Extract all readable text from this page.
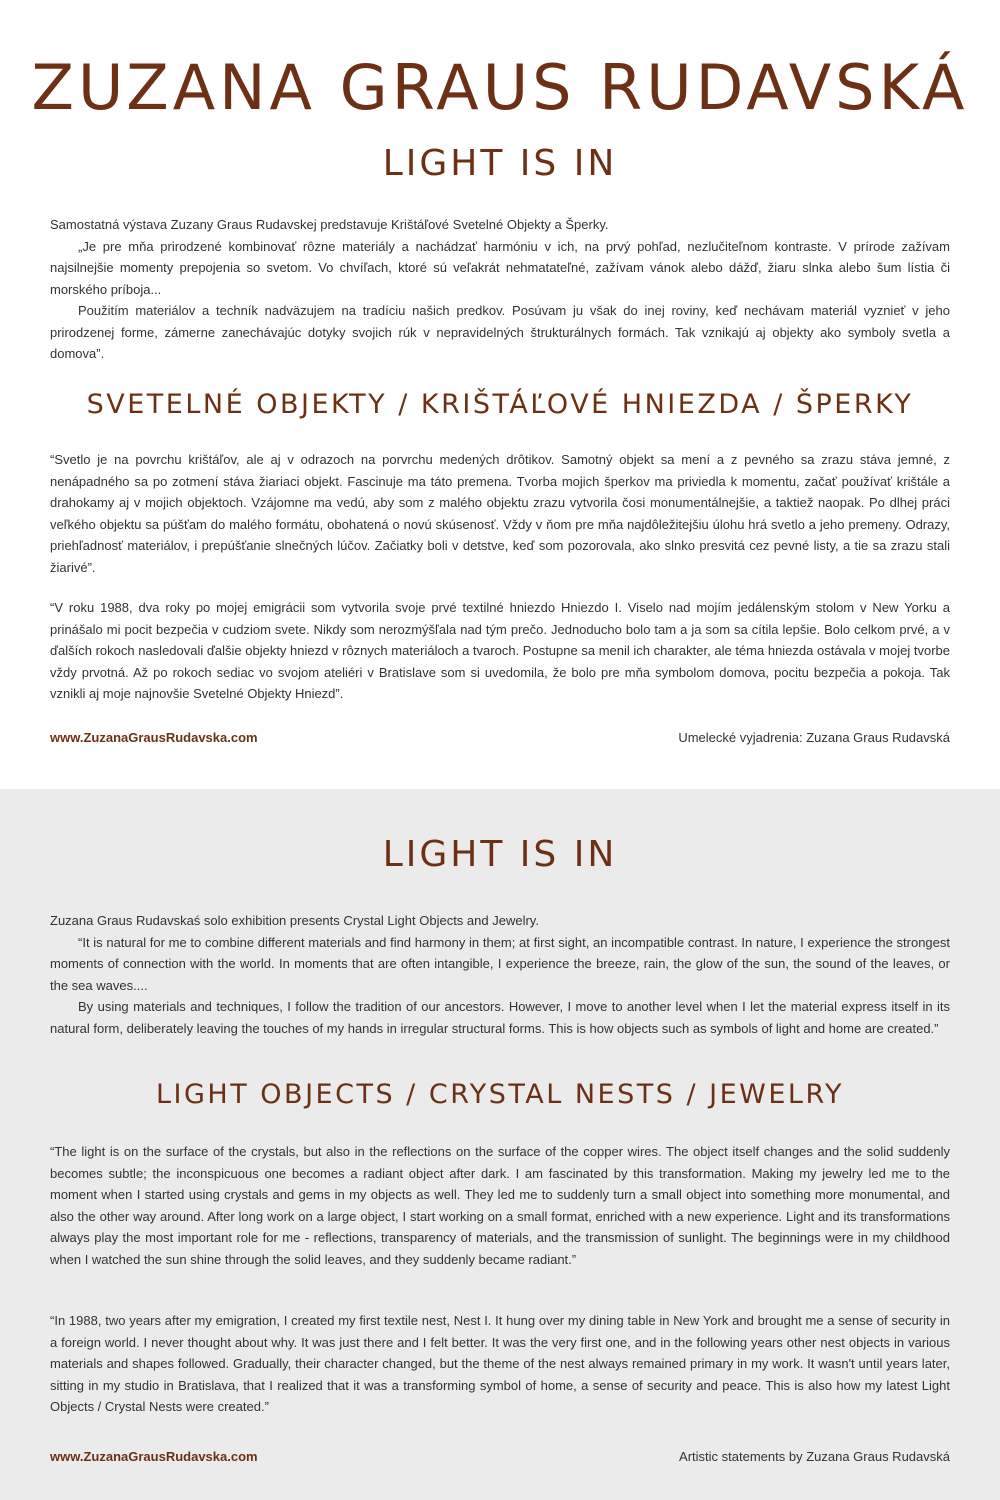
ZUZANA GRAUS RUDAVSKÁ
LIGHT IS IN

Samostatná výstava Zuzany Graus Rudavskej predstavuje Krištáľové Svetelné Objekty a Šperky.

„Je pre mňa prirodzené kombinovať rôzne materiály a nachádzať harmóniu v ich, na prvý pohľad, nezlučiteľnom kontraste. V prírode zažívam najsilnejšie momenty prepojenia so svetom. Vo chvíľach, ktoré sú veľakrát nehmatateľné, zažívam vánok alebo dážď, žiaru slnka alebo šum lístia či morského príboja...

Použitím materiálov a techník nadväzujem na tradíciu našich predkov. Posúvam ju však do inej roviny, keď nechávam materiál vyznieť v jeho prirodzenej forme, zámerne zanechávajúc dotyky svojich rúk v nepravidelných štrukturálnych formách. Tak vznikajú aj objekty ako symboly svetla a domova”.

SVETELNÉ OBJEKTY / KRIŠTÁĽOVÉ HNIEZDA / ŠPERKY

“Svetlo je na povrchu krištáľov, ale aj v odrazoch na porvrchu medených drôtikov. Samotný objekt sa mení a z pevného sa zrazu stáva jemné, z nenápadného sa po zotmení stáva žiariaci objekt. Fascinuje ma táto premena. Tvorba mojich šperkov ma priviedla k momentu, začať používať krištále a drahokamy aj v mojich objektoch. Vzájomne ma vedú, aby som z malého objektu zrazu vytvorila čosi monumentálnejšie, a taktiež naopak. Po dlhej práci veľkého objektu sa púšťam do malého formátu, obohatená o novú skúsenosť. Vždy v ňom pre mňa najdôležitejšiu úlohu hrá svetlo a jeho premeny. Odrazy, priehľadnosť materiálov, i prepúšťanie slnečných lúčov. Začiatky boli v detstve, keď som pozorovala, ako slnko presvitá cez pevné listy, a tie sa zrazu stali žiarivé”.

“V roku 1988, dva roky po mojej emigrácii som vytvorila svoje prvé textilné hniezdo Hniezdo I. Viselo nad mojím jedálenským stolom v New Yorku a prinášalo mi pocit bezpečia v cudziom svete. Nikdy som nerozmýšľala nad tým prečo. Jednoducho bolo tam a ja som sa cítila lepšie. Bolo celkom prvé, a v ďalších rokoch nasledovali ďalšie objekty hniezd v rôznych materiáloch a tvaroch. Postupne sa menil ich charakter, ale téma hniezda ostávala v mojej tvorbe vždy prvotná. Až po rokoch sediac vo svojom ateliéri v Bratislave som si uvedomila, že bolo pre mňa symbolom domova, pocitu bezpečia a pokoja. Tak vznikli aj moje najnovšie Svetelné Objekty Hniezd”.

www.ZuzanaGrausRudavska.com	Umelecké vyjadrenia: Zuzana Graus Rudavská
LIGHT IS IN

Zuzana Graus Rudavskaś solo exhibition presents Crystal Light Objects and Jewelry.

“It is natural for me to combine different materials and find harmony in them; at first sight, an incompatible contrast. In nature, I experience the strongest moments of connection with the world. In moments that are often intangible, I experience the breeze, rain, the glow of the sun, the sound of the leaves, or the sea waves....

By using materials and techniques, I follow the tradition of our ancestors. However, I move to another level when I let the material express itself in its natural form, deliberately leaving the touches of my hands in irregular structural forms. This is how objects such as symbols of light and home are created.”

LIGHT OBJECTS / CRYSTAL NESTS / JEWELRY

“The light is on the surface of the crystals, but also in the reflections on the surface of the copper wires. The object itself changes and the solid suddenly becomes subtle; the inconspicuous one becomes a radiant object after dark. I am fascinated by this transformation. Making my jewelry led me to the moment when I started using crystals and gems in my objects as well. They led me to suddenly turn a small object into something more monumental, and also the other way around. After long work on a large object, I start working on a small format, enriched with a new experience. Light and its transformations always play the most important role for me - reflections, transparency of materials, and the transmission of sunlight. The beginnings were in my childhood when I watched the sun shine through the solid leaves, and they suddenly became radiant.”

“In 1988, two years after my emigration, I created my first textile nest, Nest I. It hung over my dining table in New York and brought me a sense of security in a foreign world. I never thought about why. It was just there and I felt better. It was the very first one, and in the following years other nest objects in various materials and shapes followed. Gradually, their character changed, but the theme of the nest always remained primary in my work. It wasn't until years later, sitting in my studio in Bratislava, that I realized that it was a transforming symbol of home, a sense of security and peace. This is also how my latest Light Objects / Crystal Nests were created.”

www.ZuzanaGrausRudavska.com	Artistic statements by Zuzana Graus Rudavská
